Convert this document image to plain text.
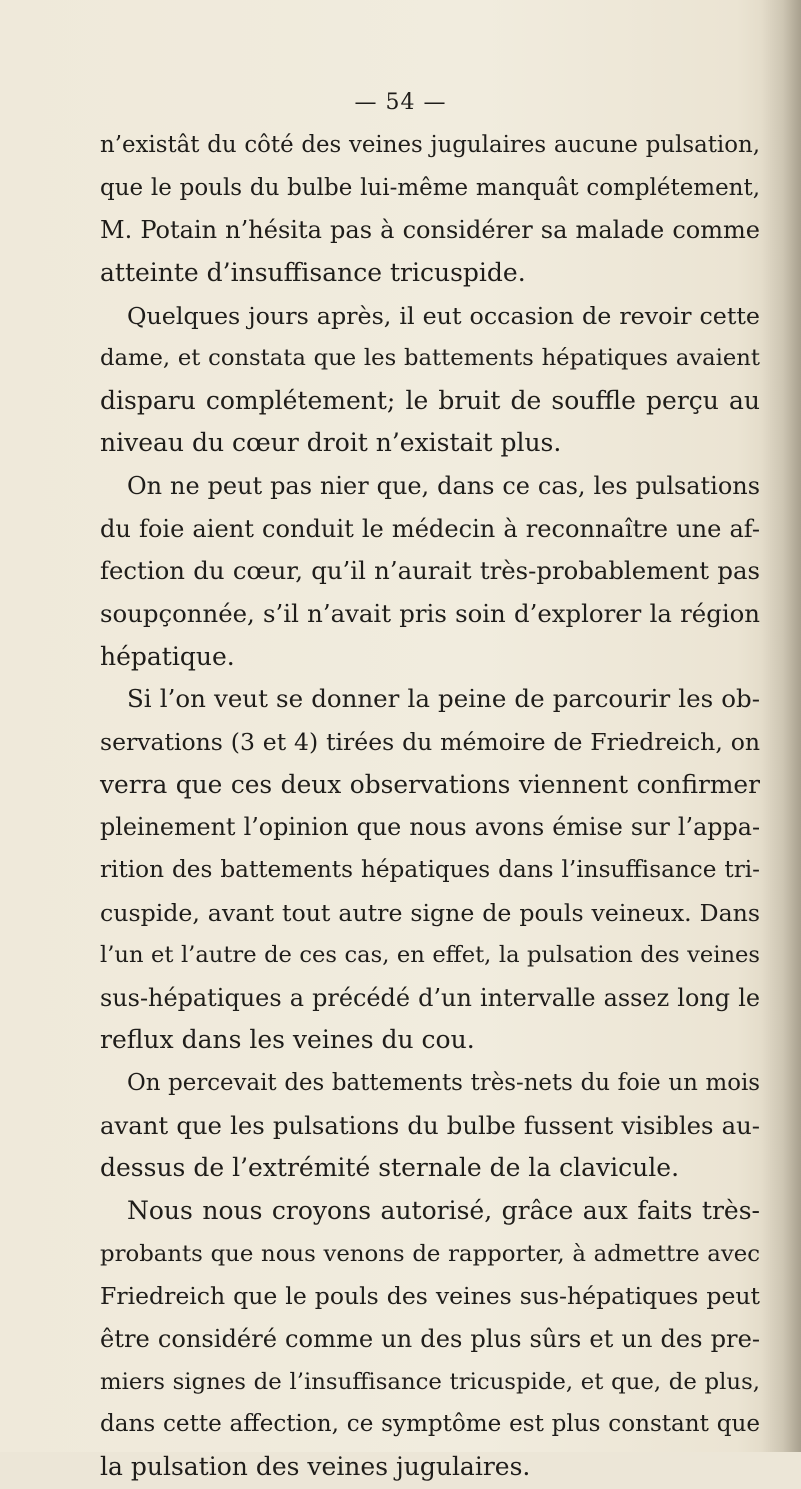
— 54 —
n’existât du côté des veines jugulaires aucune pulsation,
que le pouls du bulbe lui-même manquât complétement,
M. Potain n’hésita pas à considérer sa malade comme
atteinte d’insuffisance tricuspide.
Quelques jours après, il eut occasion de revoir cette
dame, et constata que les battements hépatiques avaient
disparu complétement; le bruit de souffle perçu au
niveau du cœur droit n’existait plus.
On ne peut pas nier que, dans ce cas, les pulsations
du foie aient conduit le médecin à reconnaître une af-
fection du cœur, qu’il n’aurait très-probablement pas
soupçonnée, s’il n’avait pris soin d’explorer la région
hépatique.
Si l’on veut se donner la peine de parcourir les ob-
servations (3 et 4) tirées du mémoire de Friedreich, on
verra que ces deux observations viennent confirmer
pleinement l’opinion que nous avons émise sur l’appa-
rition des battements hépatiques dans l’insuffisance tri-
cuspide, avant tout autre signe de pouls veineux. Dans
l’un et l’autre de ces cas, en effet, la pulsation des veines
sus-hépatiques a précédé d’un intervalle assez long le
reflux dans les veines du cou.
On percevait des battements très-nets du foie un mois
avant que les pulsations du bulbe fussent visibles au-
dessus de l’extrémité sternale de la clavicule.
Nous nous croyons autorisé, grâce aux faits très-
probants que nous venons de rapporter, à admettre avec
Friedreich que le pouls des veines sus-hépatiques peut
être considéré comme un des plus sûrs et un des pre-
miers signes de l’insuffisance tricuspide, et que, de plus,
dans cette affection, ce symptôme est plus constant que
la pulsation des veines jugulaires.
